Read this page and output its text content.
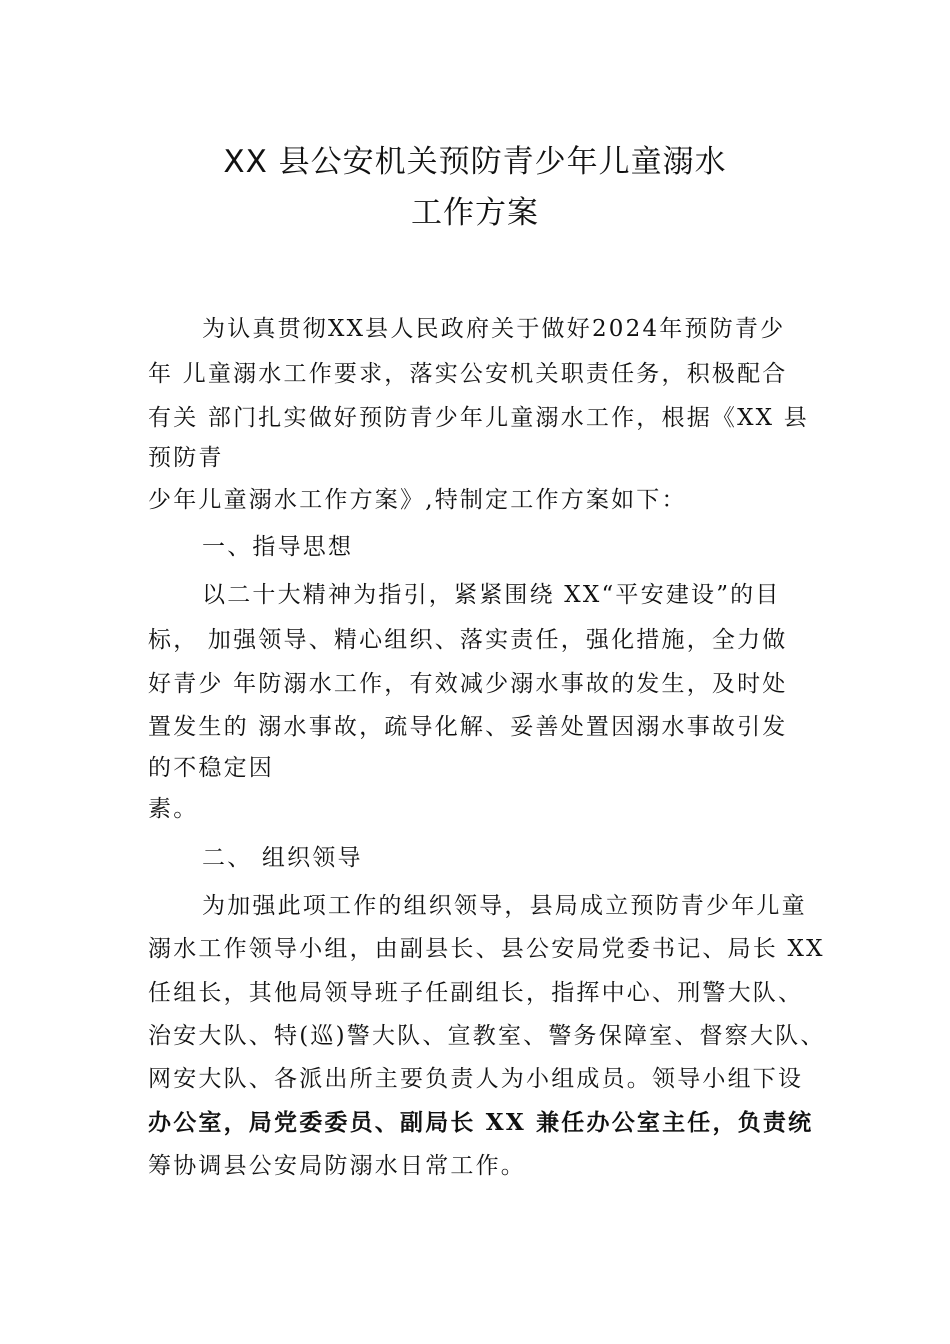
XX 县公安机关预防青少年儿童溺水
工作方案
为认真贯彻XX县人民政府关于做好2024年预防青少
年 儿童溺水工作要求，落实公安机关职责任务，积极配合
有关 部门扎实做好预防青少年儿童溺水工作，根据《XX 县
预防青
少年儿童溺水工作方案》,特制定工作方案如下：
一、指导思想
以二十大精神为指引，紧紧围绕 XX“平安建设”的目
标， 加强领导、精心组织、落实责任，强化措施，全力做
好青少 年防溺水工作，有效减少溺水事故的发生，及时处
置发生的 溺水事故，疏导化解、妥善处置因溺水事故引发
的不稳定因
素。
二、 组织领导
为加强此项工作的组织领导，县局成立预防青少年儿童
溺水工作领导小组，由副县长、县公安局党委书记、局长 XX
任组长，其他局领导班子任副组长，指挥中心、刑警大队、
治安大队、特(巡)警大队、宣教室、警务保障室、督察大队、
网安大队、各派出所主要负责人为小组成员。领导小组下设
办公室，局党委委员、副局长 XX 兼任办公室主任，负责统
筹协调县公安局防溺水日常工作。
